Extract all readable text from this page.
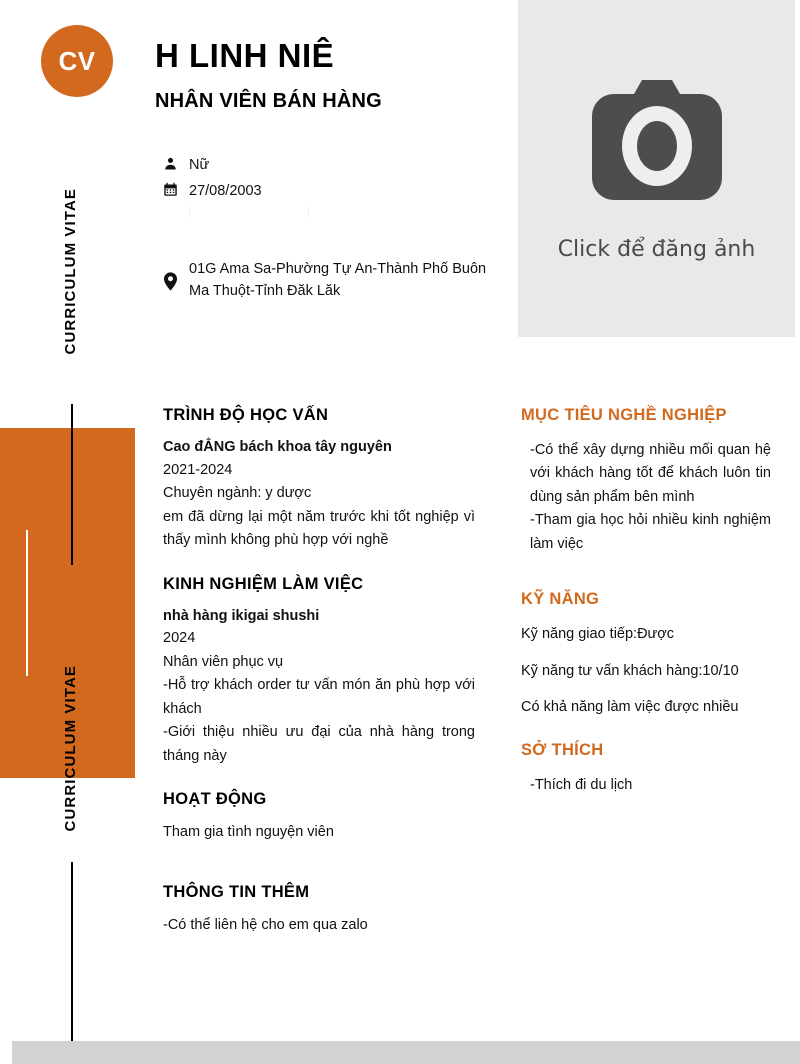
CURRICULUM VITAE
CURRICULUM VITAE
CV	H LINH NIÊ
NHÂN VIÊN BÁN HÀNG
Nữ
27/08/2003
01G Ama Sa-Phường Tự An-Thành Phố Buôn Ma Thuột-Tỉnh Đăk Lăk
Click để đăng ảnh
TRÌNH ĐỘ HỌC VẤN
Cao đẲNG bách khoa tây nguyên
2021-2024
Chuyên ngành: y dược
em đã dừng lại một năm trước khi tốt nghiệp vì thấy mình không phù hợp với nghề
KINH NGHIỆM LÀM VIỆC
nhà hàng ikigai shushi
2024
Nhân viên phục vụ
-Hỗ trợ khách order tư vấn món ăn phù hợp với khách
-Giới thiệu nhiều ưu đại của nhà hàng trong tháng này
HOẠT ĐỘNG
Tham gia tình nguyện viên
THÔNG TIN THÊM
-Có thể liên hệ cho em qua zalo
MỤC TIÊU NGHỀ NGHIỆP
-Có thể xây dựng nhiều mối quan hệ với khách hàng tốt để khách luôn tin dùng sản phẩm bên mình
-Tham gia học hỏi nhiều kinh nghiệm làm việc
KỸ NĂNG
Kỹ năng giao tiếp:Được
Kỹ năng tư vấn khách hàng:10/10
Có khả năng làm việc được nhiều
SỞ THÍCH
-Thích đi du lịch
